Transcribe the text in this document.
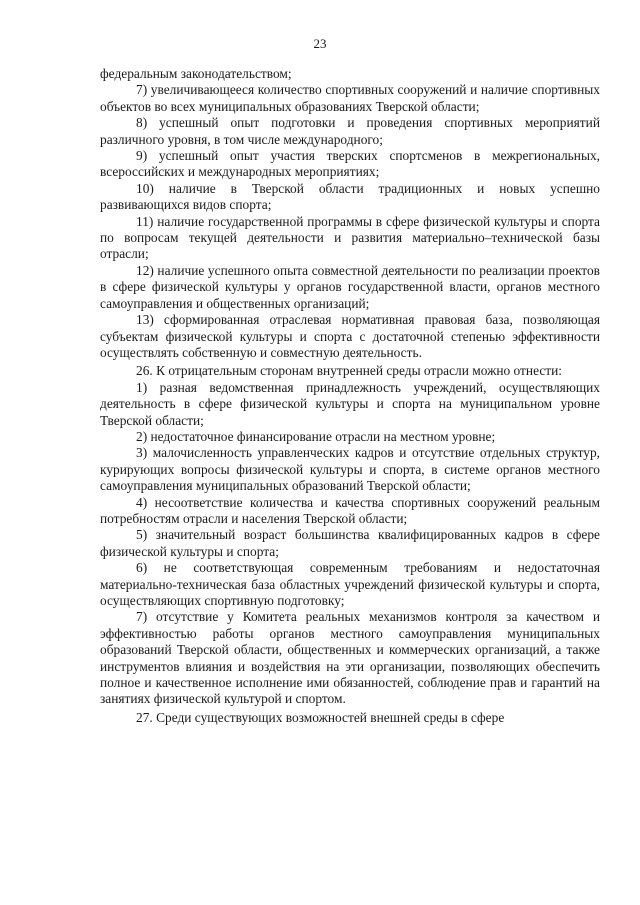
23

федеральным законодательством;

7) увеличивающееся количество спортивных сооружений и наличие спортивных объектов во всех муниципальных образованиях Тверской области;

8) успешный опыт подготовки и проведения спортивных мероприятий различного уровня, в том числе международного;

9) успешный опыт участия тверских спортсменов в межрегиональных, всероссийских и международных мероприятиях;

10) наличие в Тверской области традиционных и новых успешно развивающихся видов спорта;

11) наличие государственной программы в сфере физической культуры и спорта по вопросам текущей деятельности и развития материально–технической базы отрасли;

12) наличие успешного опыта совместной деятельности по реализации проектов в сфере физической культуры у органов государственной власти, органов местного самоуправления и общественных организаций;

13) сформированная отраслевая нормативная правовая база, позволяющая субъектам физической культуры и спорта с достаточной степенью эффективности осуществлять собственную и совместную деятельность.

26. К отрицательным сторонам внутренней среды отрасли можно отнести:

1) разная ведомственная принадлежность учреждений, осуществляющих деятельность в сфере физической культуры и спорта на муниципальном уровне Тверской области;

2) недостаточное финансирование отрасли на местном уровне;

3) малочисленность управленческих кадров и отсутствие отдельных структур, курирующих вопросы физической культуры и спорта, в системе органов местного самоуправления муниципальных образований Тверской области;

4) несоответствие количества и качества спортивных сооружений реальным потребностям отрасли и населения Тверской области;

5) значительный возраст большинства квалифицированных кадров в сфере физической культуры и спорта;

6) не соответствующая современным требованиям и недостаточная материально-техническая база областных учреждений физической культуры и спорта, осуществляющих спортивную подготовку;

7) отсутствие у Комитета реальных механизмов контроля за качеством и эффективностью работы органов местного самоуправления муниципальных образований Тверской области, общественных и коммерческих организаций, а также инструментов влияния и воздействия на эти организации, позволяющих обеспечить полное и качественное исполнение ими обязанностей, соблюдение прав и гарантий на занятиях физической культурой и спортом.

27. Среди существующих возможностей внешней среды в сфере
